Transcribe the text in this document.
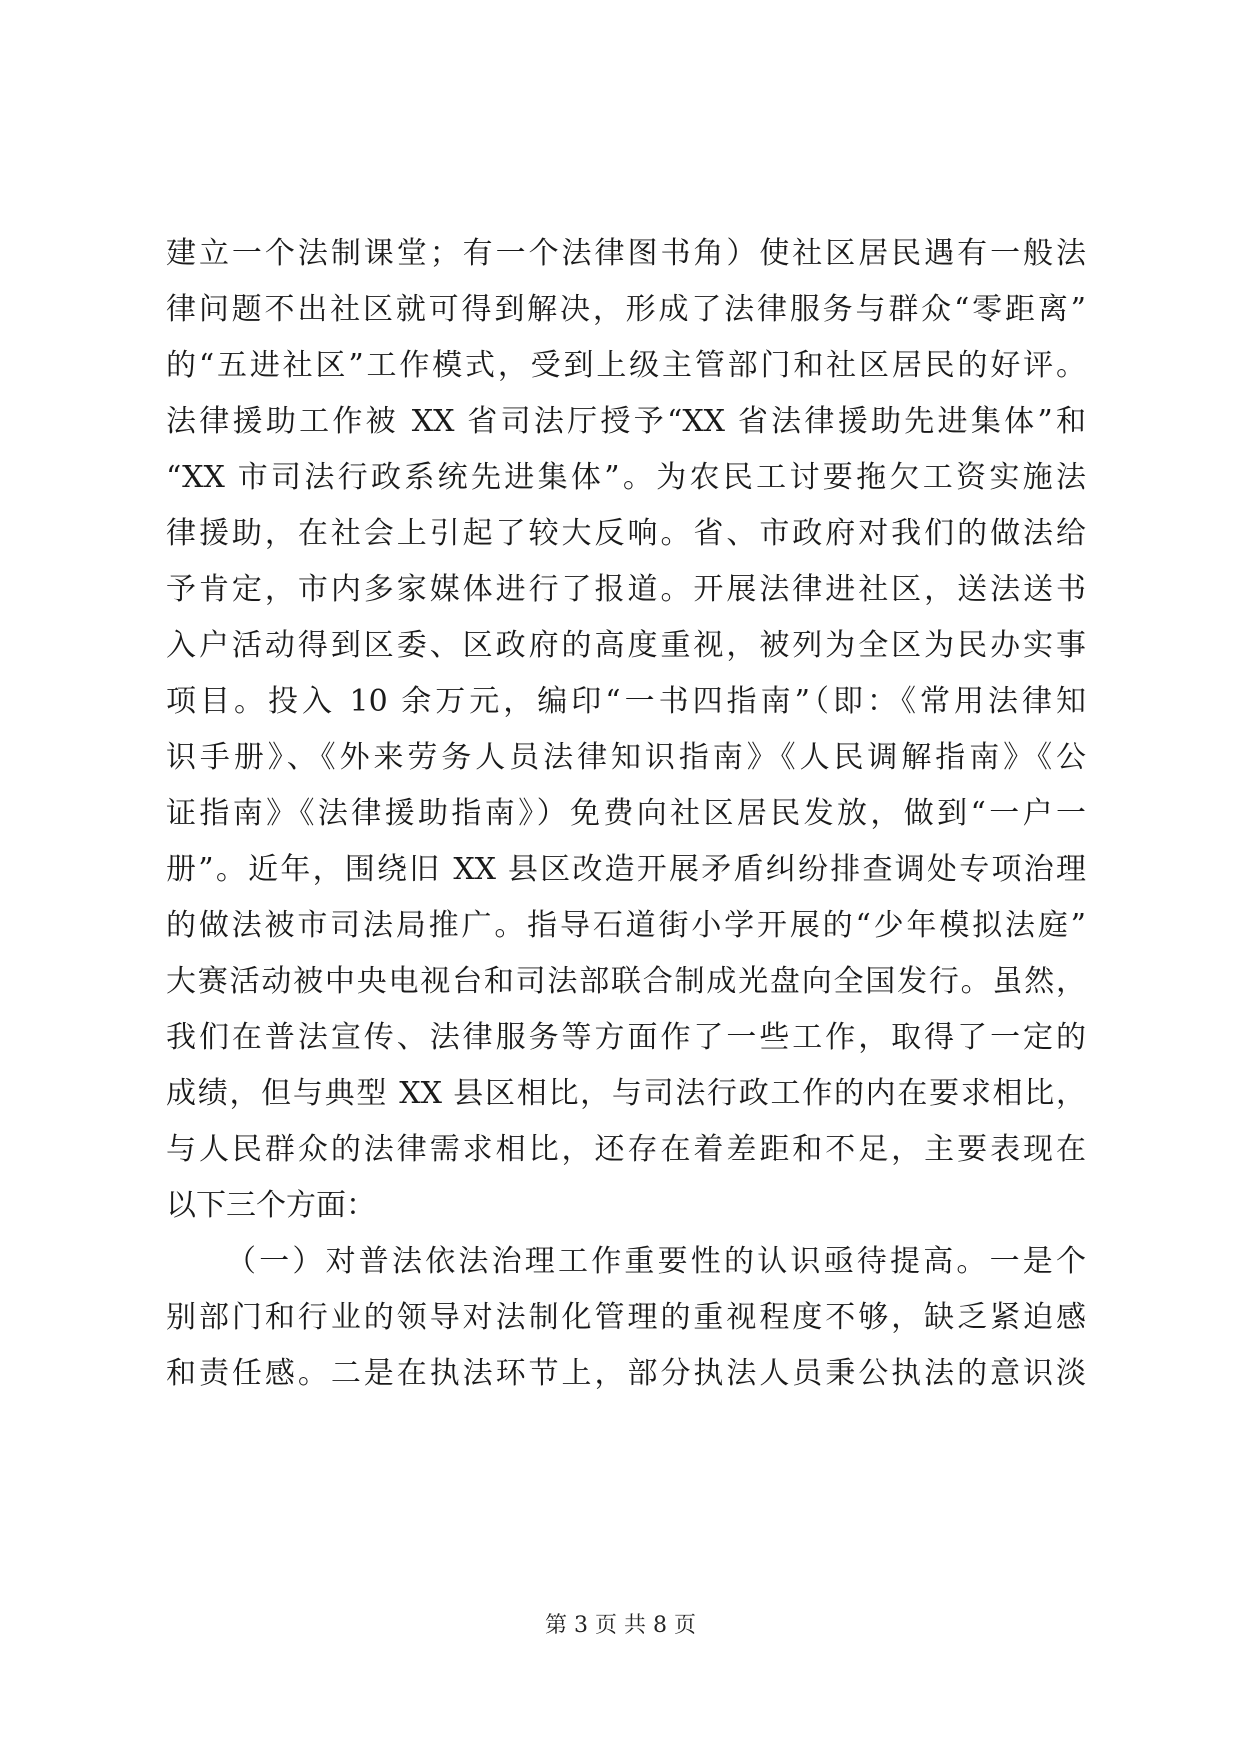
建立一个法制课堂；有一个法律图书角）使社区居民遇有一般法
律问题不出社区就可得到解决，形成了法律服务与群众“零距离”
的“五进社区”工作模式，受到上级主管部门和社区居民的好评。
法律援助工作被 XX 省司法厅授予“XX 省法律援助先进集体”和
“XX 市司法行政系统先进集体”。为农民工讨要拖欠工资实施法
律援助，在社会上引起了较大反响。省、市政府对我们的做法给
予肯定，市内多家媒体进行了报道。开展法律进社区，送法送书
入户活动得到区委、区政府的高度重视，被列为全区为民办实事
项目。投入 10 余万元，编印“一书四指南”（即：《常用法律知
识手册》、《外来劳务人员法律知识指南》《人民调解指南》《公
证指南》《法律援助指南》）免费向社区居民发放，做到“一户一
册”。近年，围绕旧 XX 县区改造开展矛盾纠纷排查调处专项治理
的做法被市司法局推广。指导石道街小学开展的“少年模拟法庭”
大赛活动被中央电视台和司法部联合制成光盘向全国发行。虽然，
我们在普法宣传、法律服务等方面作了一些工作，取得了一定的
成绩，但与典型 XX 县区相比，与司法行政工作的内在要求相比，
与人民群众的法律需求相比，还存在着差距和不足，主要表现在
以下三个方面：
（一）对普法依法治理工作重要性的认识亟待提高。一是个
别部门和行业的领导对法制化管理的重视程度不够，缺乏紧迫感
和责任感。二是在执法环节上，部分执法人员秉公执法的意识淡
第 3 页 共 8 页
